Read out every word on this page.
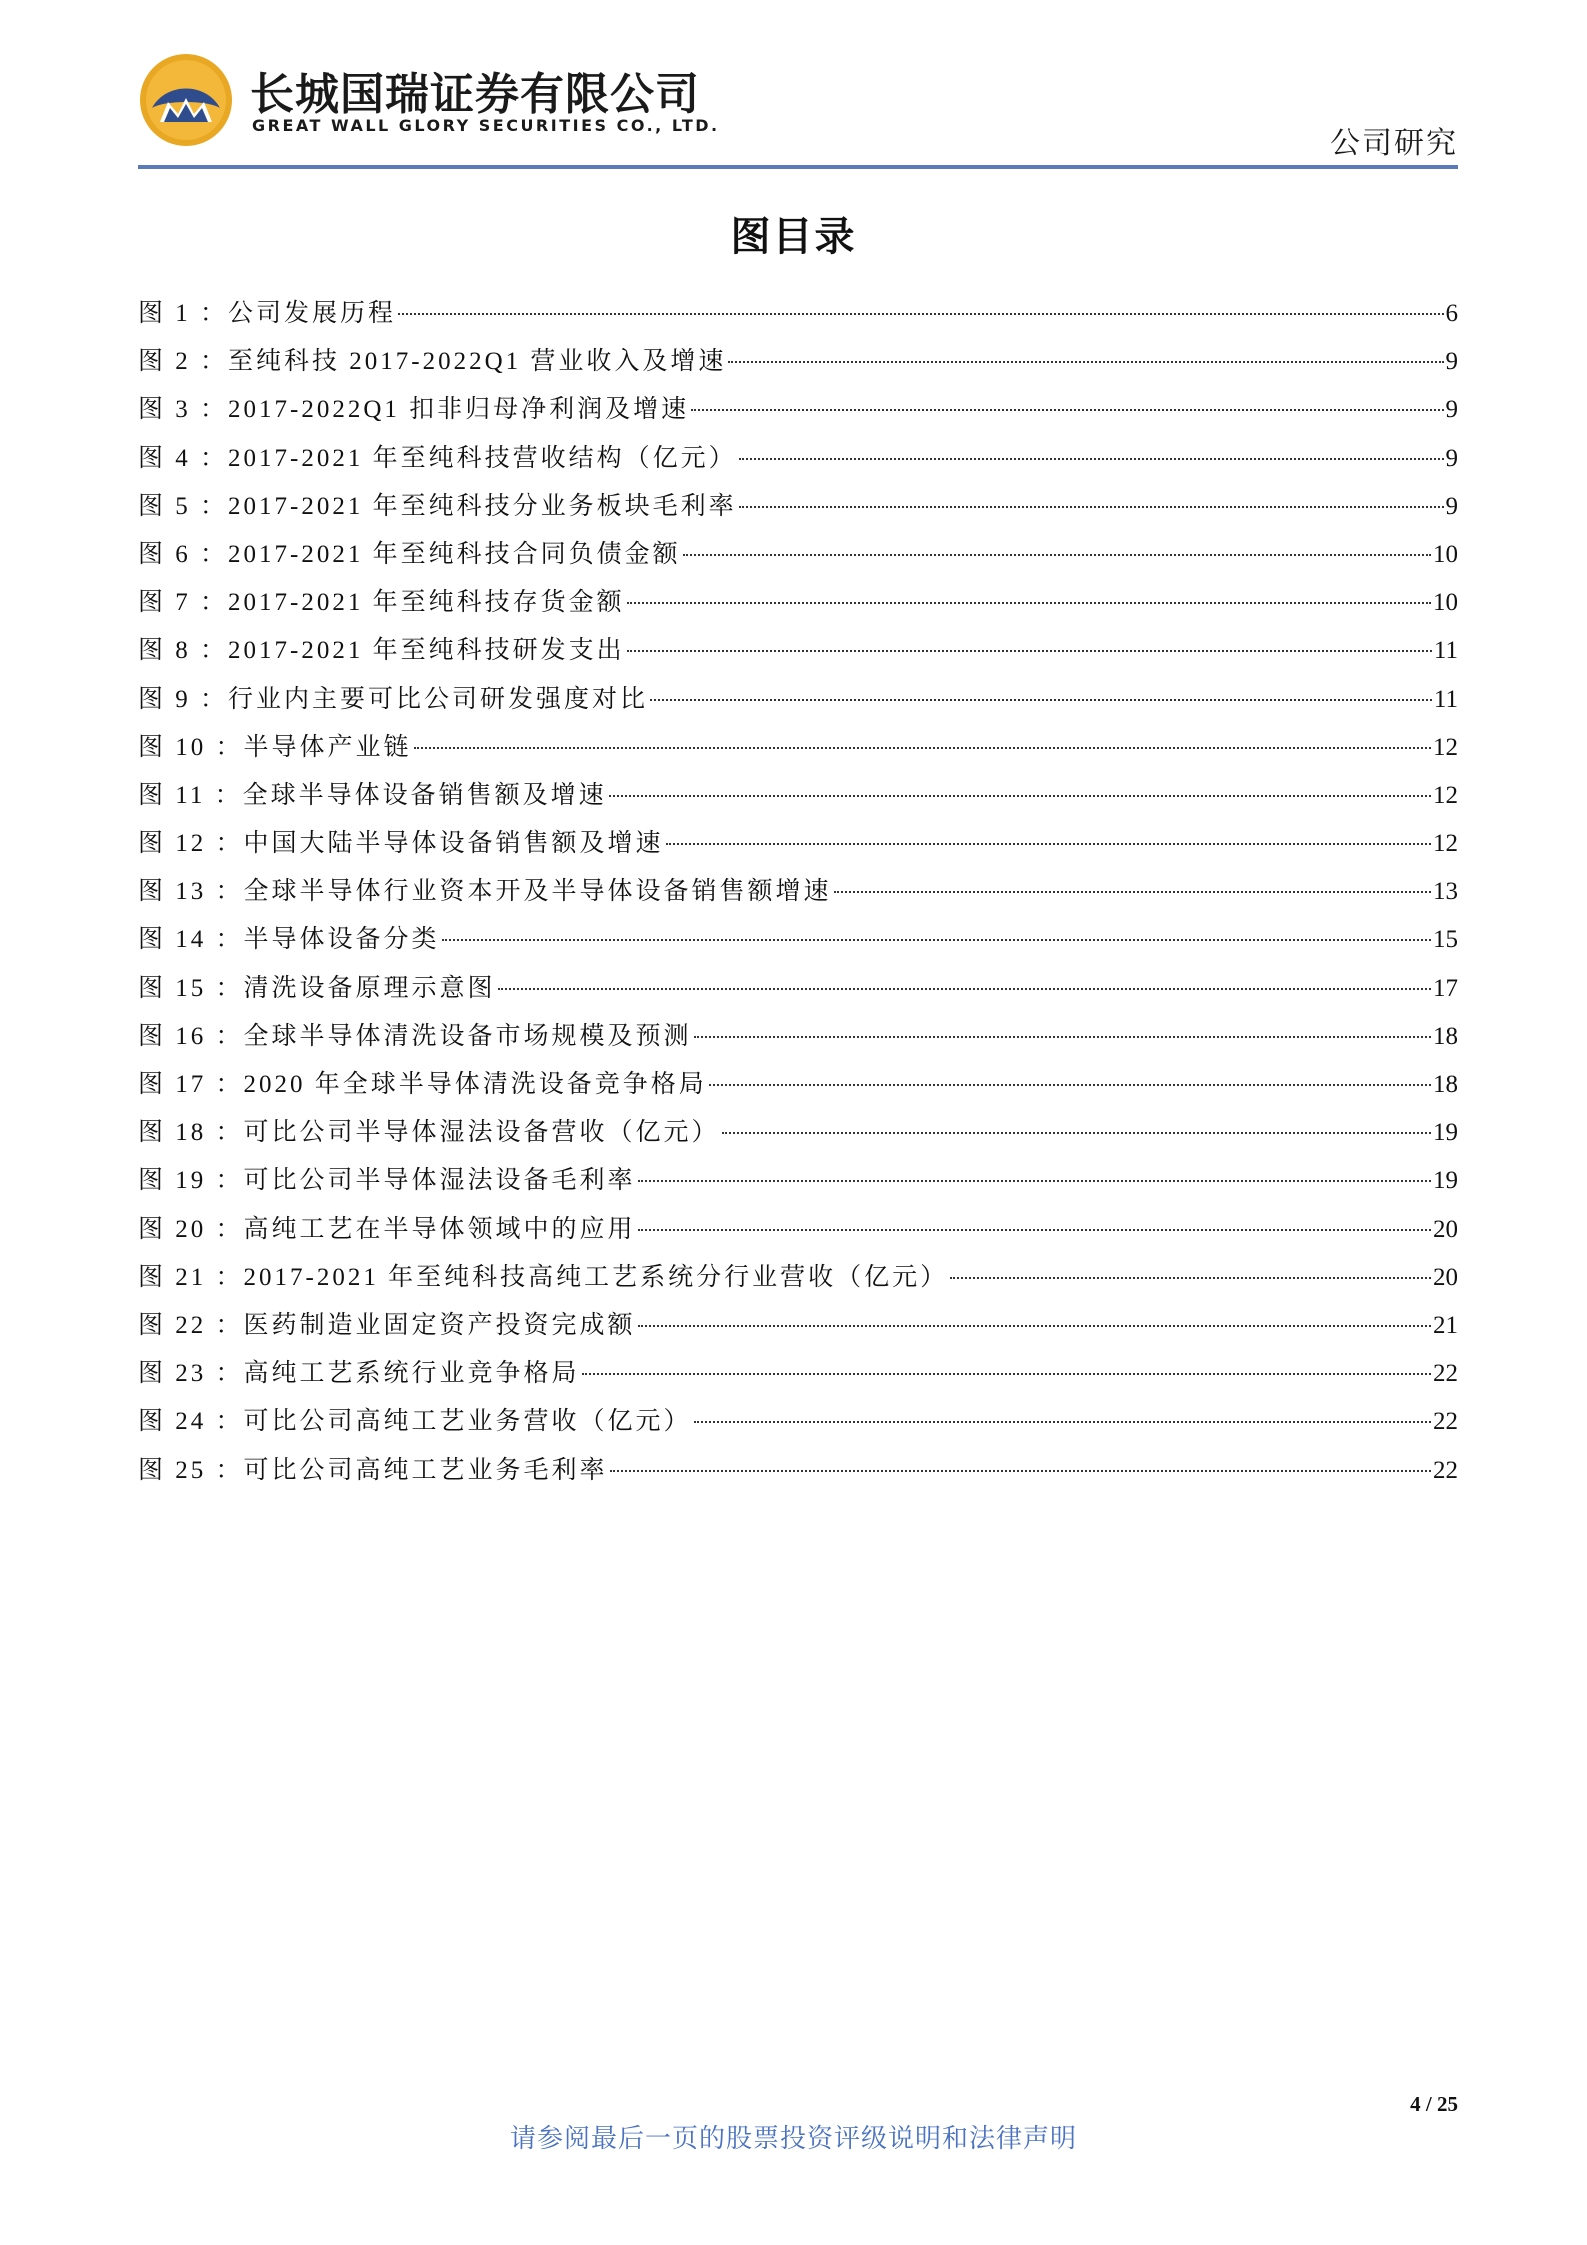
长城国瑞证券有限公司
GREAT WALL GLORY SECURITIES CO., LTD.
公司研究
图目录
图 1 ：公司发展历程	6
图 2 ：至纯科技 2017-2022Q1 营业收入及增速	9
图 3 ：2017-2022Q1 扣非归母净利润及增速	9
图 4 ：2017-2021 年至纯科技营收结构（亿元）	9
图 5 ：2017-2021 年至纯科技分业务板块毛利率	9
图 6 ：2017-2021 年至纯科技合同负债金额	10
图 7 ：2017-2021 年至纯科技存货金额	10
图 8 ：2017-2021 年至纯科技研发支出	11
图 9 ：行业内主要可比公司研发强度对比	11
图 10 ：半导体产业链	12
图 11 ：全球半导体设备销售额及增速	12
图 12 ：中国大陆半导体设备销售额及增速	12
图 13 ：全球半导体行业资本开及半导体设备销售额增速	13
图 14 ：半导体设备分类	15
图 15 ：清洗设备原理示意图	17
图 16 ：全球半导体清洗设备市场规模及预测	18
图 17 ：2020 年全球半导体清洗设备竞争格局	18
图 18 ：可比公司半导体湿法设备营收（亿元）	19
图 19 ：可比公司半导体湿法设备毛利率	19
图 20 ：高纯工艺在半导体领域中的应用	20
图 21 ：2017-2021 年至纯科技高纯工艺系统分行业营收（亿元）	20
图 22 ：医药制造业固定资产投资完成额	21
图 23 ：高纯工艺系统行业竞争格局	22
图 24 ：可比公司高纯工艺业务营收（亿元）	22
图 25 ：可比公司高纯工艺业务毛利率	22
4 / 25
请参阅最后一页的股票投资评级说明和法律声明
